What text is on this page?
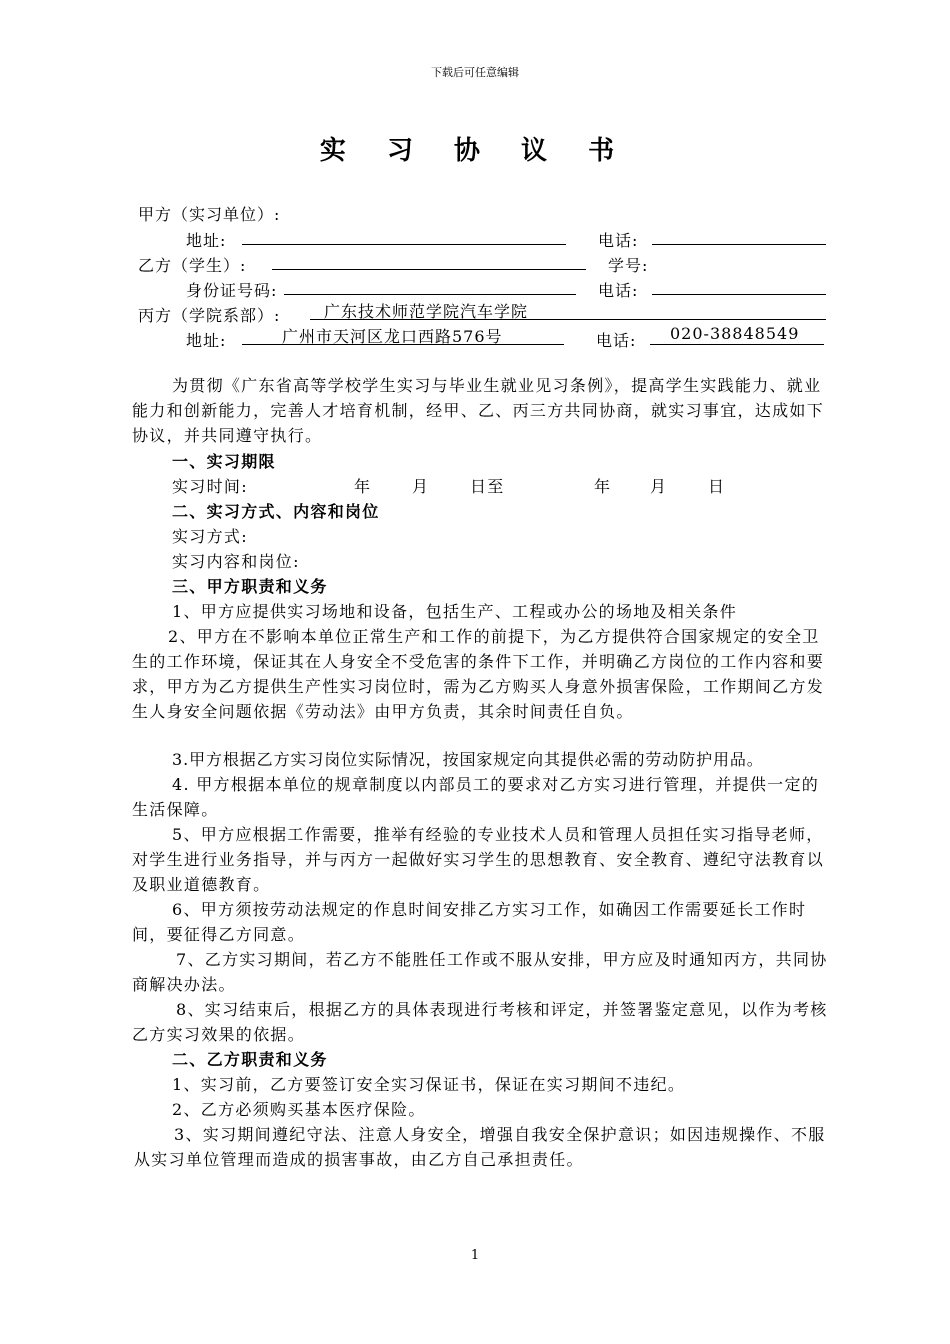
下载后可任意编辑
实 习 协 议 书
甲方（实习单位）:
地址:	电话:
乙方（学生）:	学号:
身份证号码:	电话:
丙方（学院系部）:	广东技术师范学院汽车学院
地址:	广州市天河区龙口西路576号	电话:	020-38848549
为贯彻《广东省高等学校学生实习与毕业生就业见习条例》，提高学生实践能力、就业能力和创新能力，完善人才培育机制，经甲、乙、丙三方共同协商，就实习事宜，达成如下协议，并共同遵守执行。
一、实习期限
实习时间:	年	月	日至	年 月	日
二、实习方式、内容和岗位
实习方式:
实习内容和岗位:
三、甲方职责和义务
1、甲方应提供实习场地和设备，包括生产、工程或办公的场地及相关条件
2、甲方在不影响本单位正常生产和工作的前提下，为乙方提供符合国家规定的安全卫生的工作环境，保证其在人身安全不受危害的条件下工作，并明确乙方岗位的工作内容和要求，甲方为乙方提供生产性实习岗位时，需为乙方购买人身意外损害保险，工作期间乙方发生人身安全问题依据《劳动法》由甲方负责，其余时间责任自负。
3.甲方根据乙方实习岗位实际情况，按国家规定向其提供必需的劳动防护用品。
4. 甲方根据本单位的规章制度以内部员工的要求对乙方实习进行管理，并提供一定的生活保障。
5、甲方应根据工作需要，推举有经验的专业技术人员和管理人员担任实习指导老师，对学生进行业务指导，并与丙方一起做好实习学生的思想教育、安全教育、遵纪守法教育以及职业道德教育。
6、甲方须按劳动法规定的作息时间安排乙方实习工作，如确因工作需要延长工作时间，要征得乙方同意。
7、乙方实习期间，若乙方不能胜任工作或不服从安排，甲方应及时通知丙方，共同协商解决办法。
8、实习结束后，根据乙方的具体表现进行考核和评定，并签署鉴定意见，以作为考核乙方实习效果的依据。
二、乙方职责和义务
1、实习前，乙方要签订安全实习保证书，保证在实习期间不违纪。
2、乙方必须购买基本医疗保险。
3、实习期间遵纪守法、注意人身安全，增强自我安全保护意识；如因违规操作、不服从实习单位管理而造成的损害事故，由乙方自己承担责任。
1
